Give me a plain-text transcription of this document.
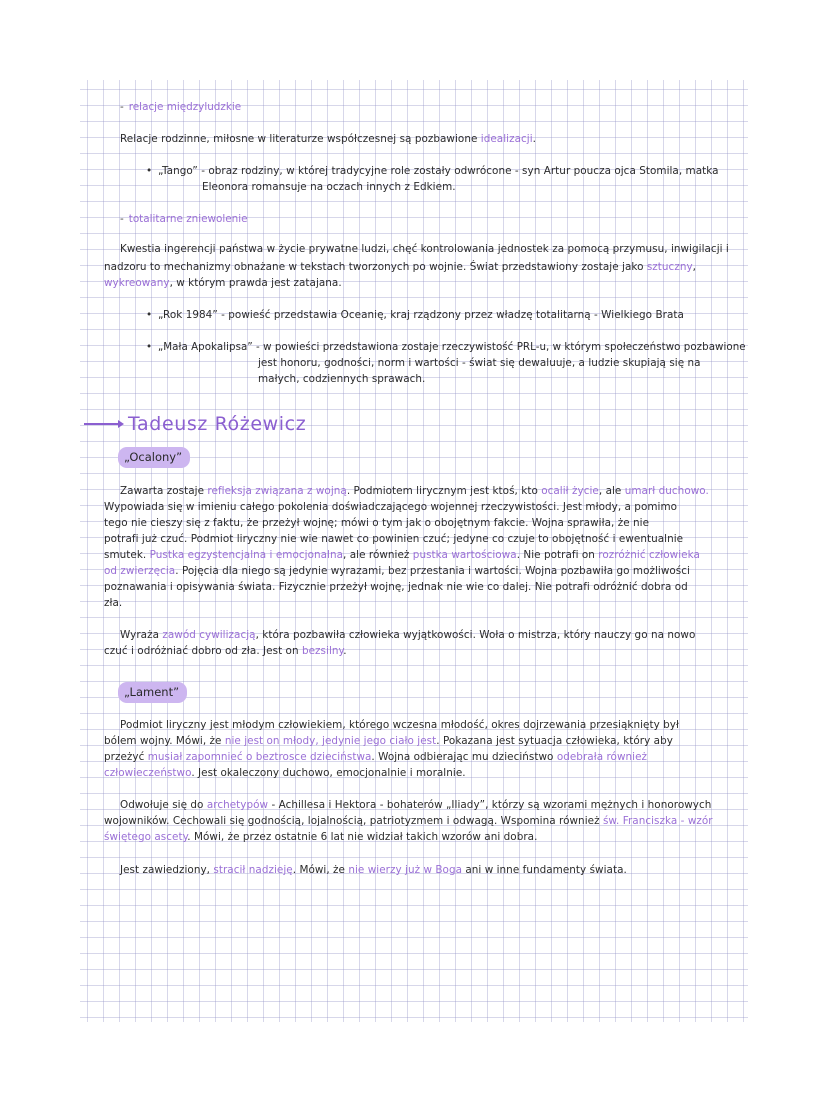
- relacje międzyludzkie
Relacje rodzinne, miłosne w literaturze współczesnej są pozbawione idealizacji.
• „Tango” - obraz rodziny, w której tradycyjne role zostały odwrócone - syn Artur poucza ojca Stomila, matka
Eleonora romansuje na oczach innych z Edkiem.
- totalitarne zniewolenie
Kwestia ingerencji państwa w życie prywatne ludzi, chęć kontrolowania jednostek za pomocą przymusu, inwigilacji i
nadzoru to mechanizmy obnażane w tekstach tworzonych po wojnie. Świat przedstawiony zostaje jako sztuczny,
wykreowany, w którym prawda jest zatajana.
• „Rok 1984” - powieść przedstawia Oceanię, kraj rządzony przez władzę totalitarną - Wielkiego Brata
• „Mała Apokalipsa” - w powieści przedstawiona zostaje rzeczywistość PRL-u, w którym społeczeństwo pozbawione
jest honoru, godności, norm i wartości - świat się dewaluuje, a ludzie skupiają się na
małych, codziennych sprawach.
Tadeusz Różewicz
„Ocalony”
Zawarta zostaje refleksja związana z wojną. Podmiotem lirycznym jest ktoś, kto ocalił życie, ale umarł duchowo.
Wypowiada się w imieniu całego pokolenia doświadczającego wojennej rzeczywistości. Jest młody, a pomimo
tego nie cieszy się z faktu, że przeżył wojnę; mówi o tym jak o obojętnym fakcie. Wojna sprawiła, że nie
potrafi już czuć. Podmiot liryczny nie wie nawet co powinien czuć; jedyne co czuje to obojętność i ewentualnie
smutek. Pustka egzystencjalna i emocjonalna, ale również pustka wartościowa. Nie potrafi on rozróżnić człowieka
od zwierzęcia. Pojęcia dla niego są jedynie wyrazami, bez przestania i wartości. Wojna pozbawiła go możliwości
poznawania i opisywania świata. Fizycznie przeżył wojnę, jednak nie wie co dalej. Nie potrafi odróżnić dobra od
zła.
Wyraża zawód cywilizacją, która pozbawiła człowieka wyjątkowości. Woła o mistrza, który nauczy go na nowo
czuć i odróżniać dobro od zła. Jest on bezsilny.
„Lament”
Podmiot liryczny jest młodym człowiekiem, którego wczesna młodość, okres dojrzewania przesiąknięty był
bólem wojny. Mówi, że nie jest on młody, jedynie jego ciało jest. Pokazana jest sytuacja człowieka, który aby
przeżyć musiał zapomnieć o beztrosce dzieciństwa. Wojna odbierając mu dzieciństwo odebrała również
człowieczeństwo. Jest okaleczony duchowo, emocjonalnie i moralnie.
Odwołuje się do archetypów - Achillesa i Hektora - bohaterów „Iliady”, którzy są wzorami mężnych i honorowych
wojowników. Cechowali się godnością, lojalnością, patriotyzmem i odwagą. Wspomina również św. Franciszka - wzór
świętego ascety. Mówi, że przez ostatnie 6 lat nie widział takich wzorów ani dobra.
Jest zawiedziony, stracił nadzieję. Mówi, że nie wierzy już w Boga ani w inne fundamenty świata.
